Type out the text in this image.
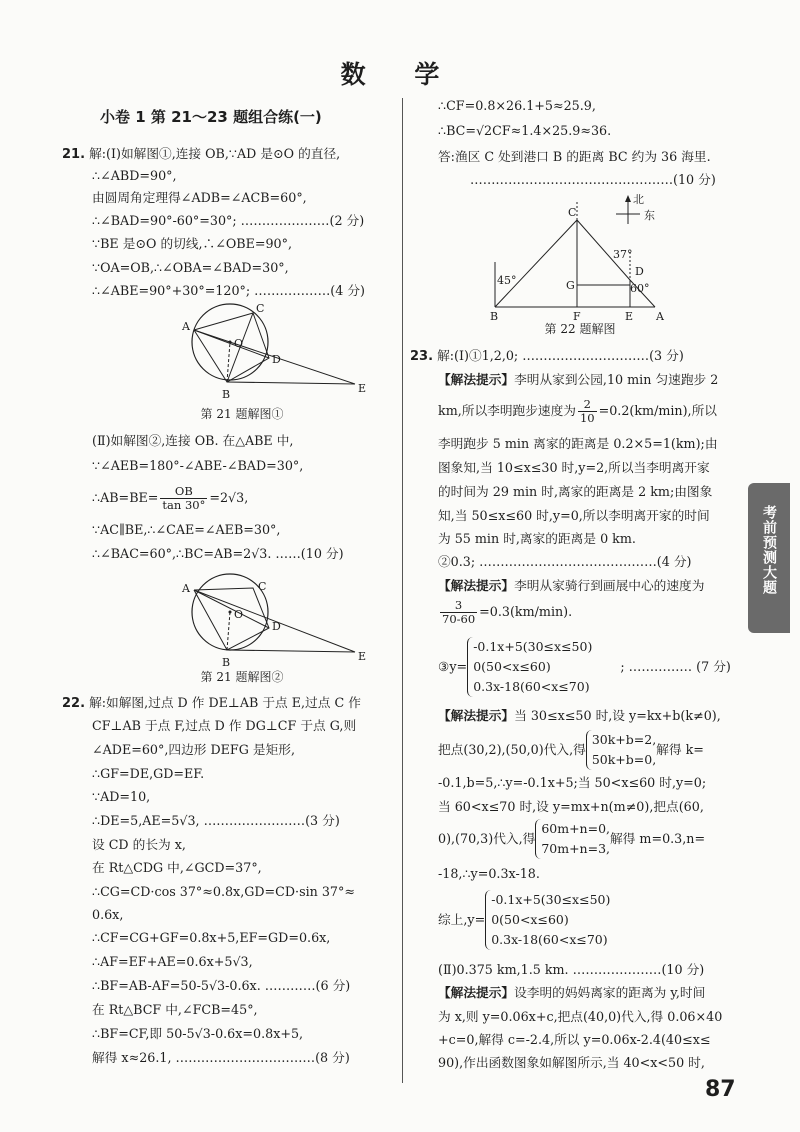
数 学
小卷 1 第 21～23 题组合练(一)
21. 解:(Ⅰ)如解图①,连接 OB,∵AD 是⊙O 的直径,
∴∠ABD=90°,
由圆周角定理得∠ADB=∠ACB=60°,
∴∠BAD=90°-60°=30°; …………………(2 分)
∵BE 是⊙O 的切线,∴∠OBE=90°,
∵OA=OB,∴∠OBA=∠BAD=30°,
∴∠ABE=90°+30°=120°; ………………(4 分)
A
C
D
O
B	E
第 21 题解图①
(Ⅱ)如解图②,连接 OB. 在△ABE 中,
∵∠AEB=180°-∠ABE-∠BAD=30°,
∴AB=BE= $\frac{OB}{\tan 30^\circ} =2√3$,
∵AC∥BE,∴∠CAE=∠AEB=30°,
∴∠BAC=60°,∴BC=AB=2√3. ……(10 分)
A	C
D
O
B	E
第 21 题解图②
22. 解:如解图,过点 D 作 DE⊥AB 于点 E,过点 C 作
CF⊥AB 于点 F,过点 D 作 DG⊥CF 于点 G,则
∠ADE=60°,四边形 DEFG 是矩形,
∴GF=DE,GD=EF.
∵AD=10,
∴DE=5,AE=5√3, ……………………(3 分)
设 CD 的长为 x,
在 Rt△CDG 中,∠GCD=37°,
∴CG=CD·cos 37°≈0.8x,GD=CD·sin 37°≈
0.6x,
∴CF=CG+GF=0.8x+5,EF=GD=0.6x,
∴AF=EF+AE=0.6x+5√3,
∴BF=AB-AF=50-5√3-0.6x. …………(6 分)
在 Rt△BCF 中,∠FCB=45°,
∴BF=CF,即 50-5√3-0.6x=0.8x+5,
解得 x≈26.1, ……………………………(8 分)
∴CF=0.8×26.1+5≈25.9,
∴BC=√2CF≈1.4×25.9≈36.
答:渔区 C 处到港口 B 的距离 BC 约为 36 海里.
…………………………………………(10 分)
北
东
C
B	F
G
E A
D
45°
37°
60°
第 22 题解图
23. 解:(Ⅰ)①1,2,0; …………………………(3 分)
【解法提示】李明从家到公园,10 min 匀速跑步 2
km,所以李明跑步速度为 $\frac{2}{10} =0.2(km/\min)$,所以
李明跑步 5 min 离家的距离是 0.2×5=1(km);由
图象知,当 10≤x≤30 时,y=2,所以当李明离开家
的时间为 29 min 时,离家的距离是 2 km;由图象
知,当 50≤x≤60 时,y=0,所以李明离开家的时间
为 55 min 时,离家的距离是 0 km.
②0.3; ……………………………………(4 分)
【解法提示】李明从家骑行到画展中心的速度为
$\frac{3}{70-60} =0.3(km/\min)$.
③y=
-0.1x+5(30≤x≤50)
0(50<x≤60)
0.3x-18(60<x≤70)
; …………… (7 分)
【解法提示】当 30≤x≤50 时,设 y=kx+b(k≠0),
把点(30,2),(50,0)代入,得
30k+b=2,
50k+b=0,
解得 k=
-0.1,b=5,∴y=-0.1x+5;当 50<x≤60 时,y=0;
当 60<x≤70 时,设 y=mx+n(m≠0),把点(60,
0),(70,3)代入,得
60m+n=0,
70m+n=3,
解得 m=0.3,n=
-18,∴y=0.3x-18.
综上,y=
-0.1x+5(30≤x≤50)
0(50<x≤60)
0.3x-18(60<x≤70)
(Ⅱ)0.375 km,1.5 km. …………………(10 分)
【解法提示】设李明的妈妈离家的距离为 y,时间
为 x,则 y=0.06x+c,把点(40,0)代入,得 0.06×40
+c=0,解得 c=-2.4,所以 y=0.06x-2.4(40≤x≤
90),作出函数图象如解图所示,当 40<x<50 时,
考前预测大题
87
